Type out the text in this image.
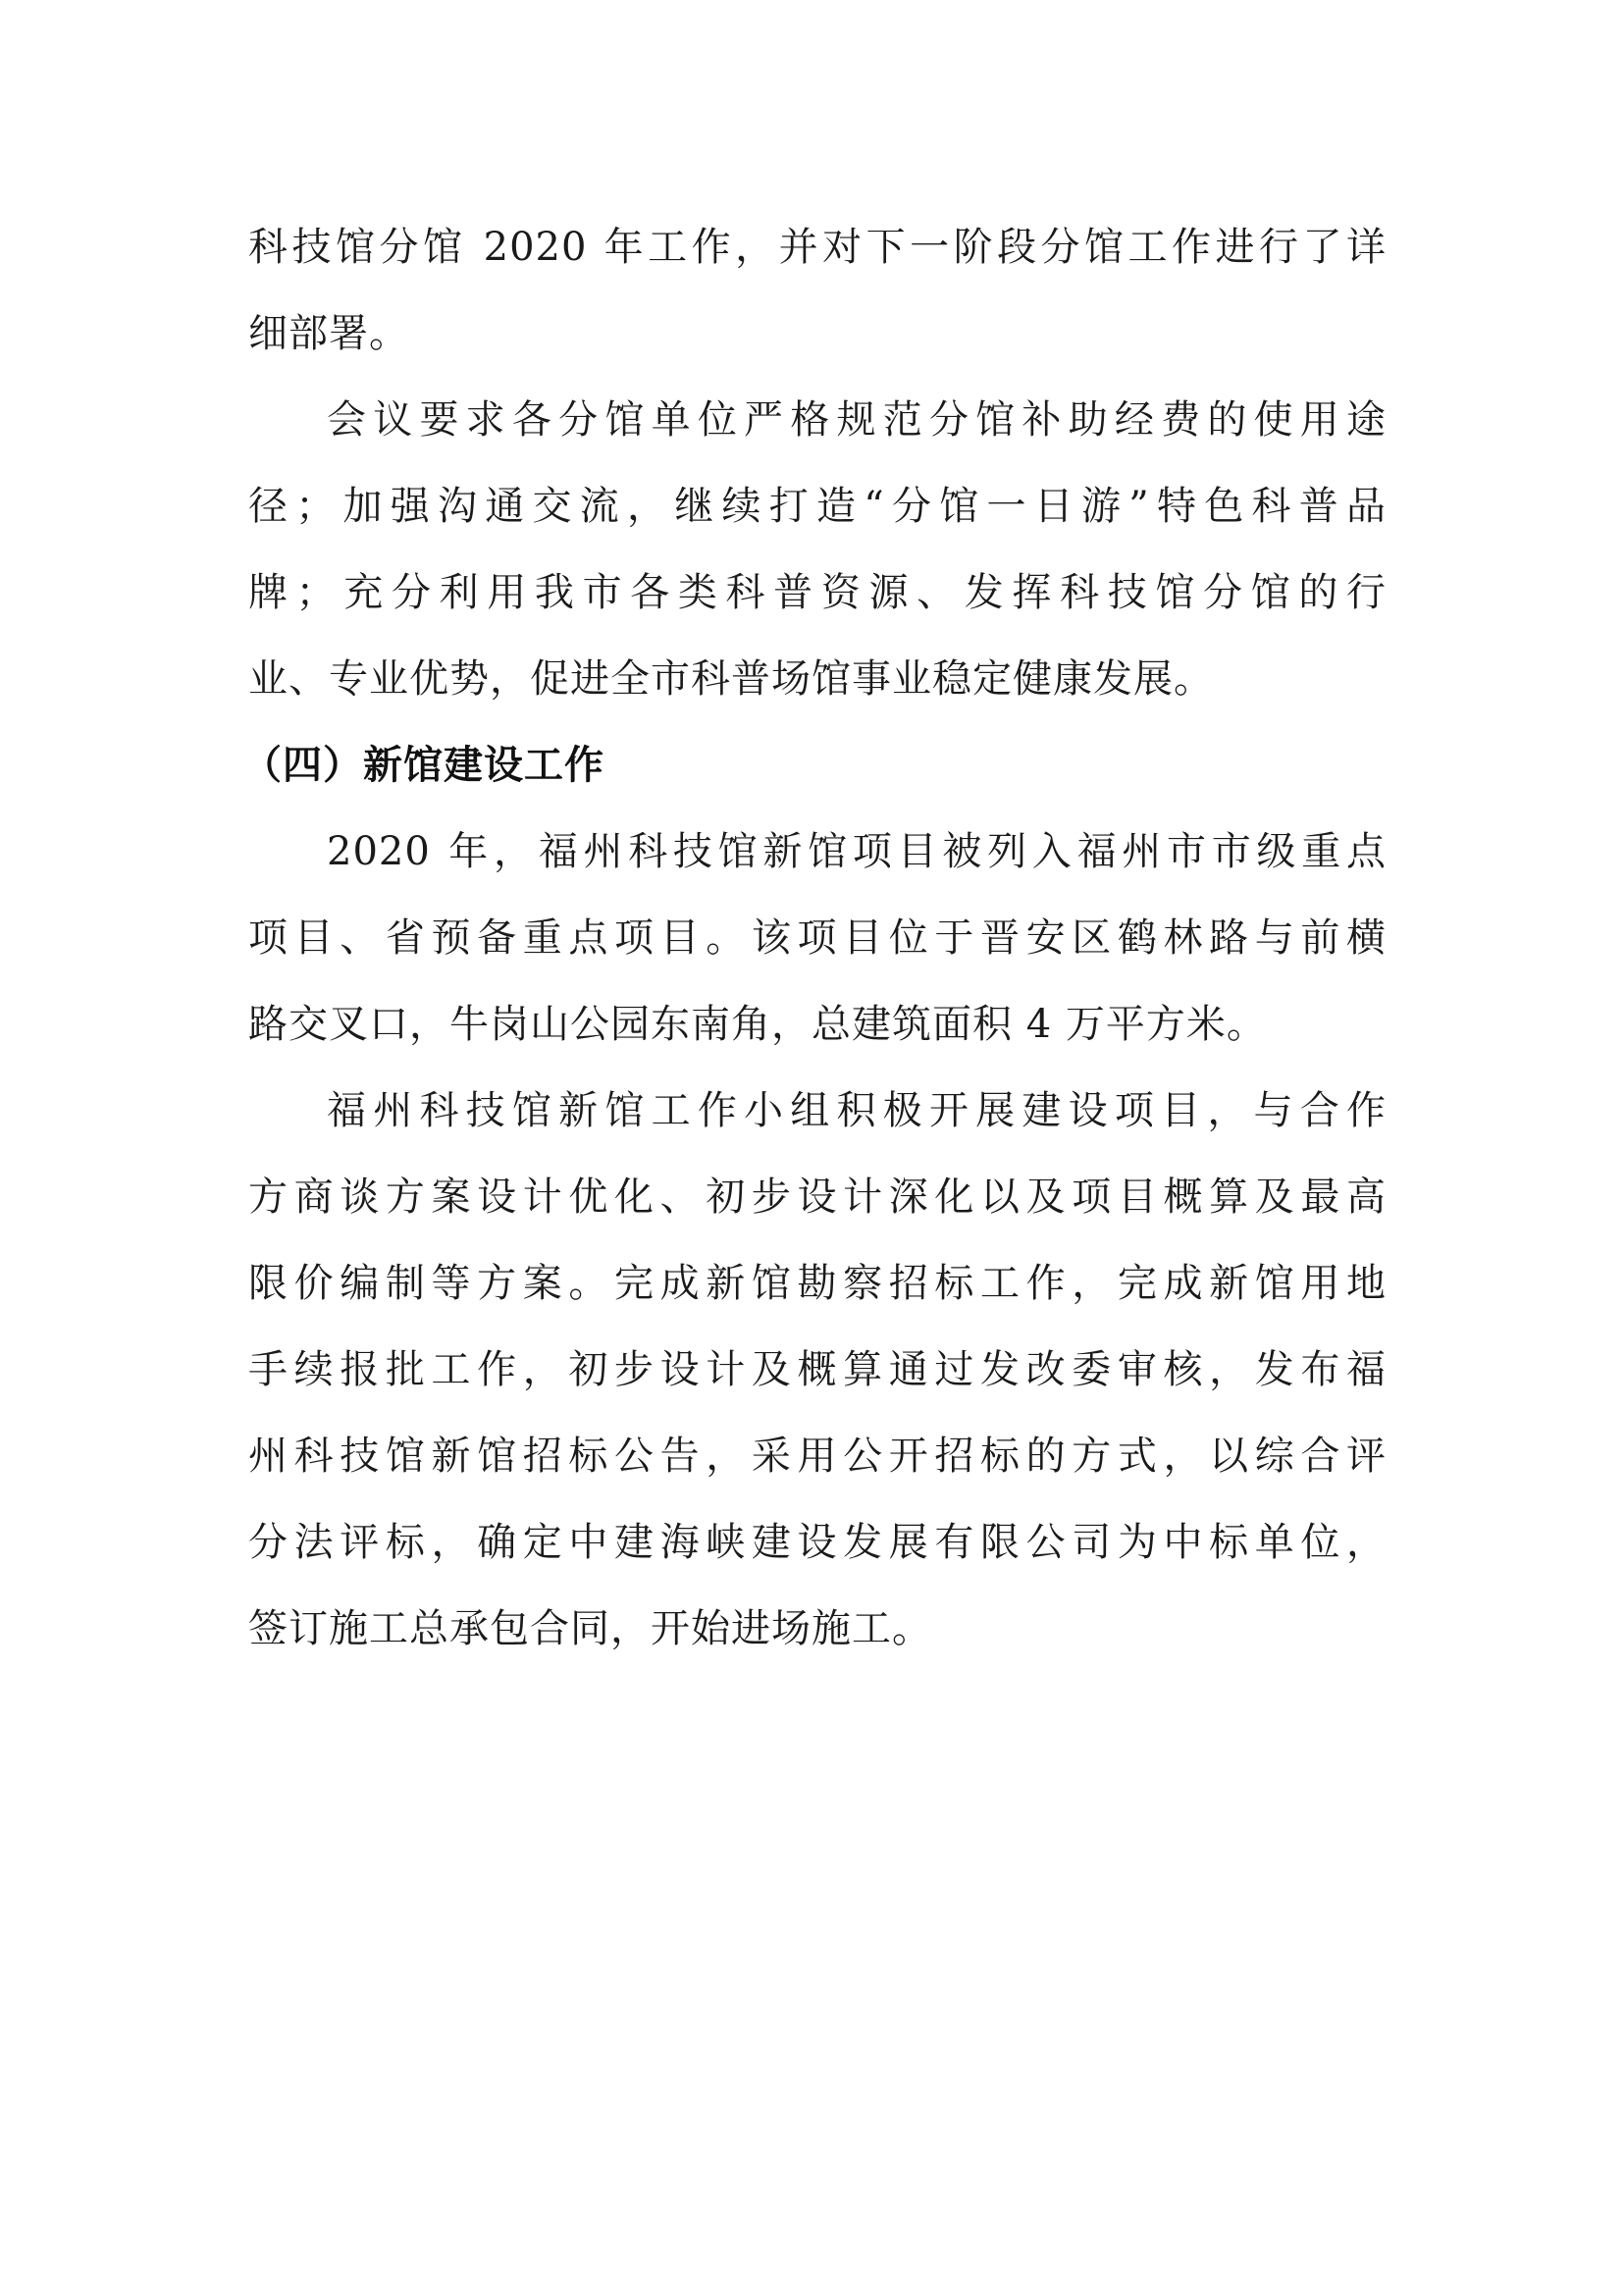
科技馆分馆 2020 年工作，并对下一阶段分馆工作进行了详
细部署。
会议要求各分馆单位严格规范分馆补助经费的使用途
径；加强沟通交流，继续打造“分馆一日游”特色科普品
牌；充分利用我市各类科普资源、发挥科技馆分馆的行
业、专业优势，促进全市科普场馆事业稳定健康发展。
（四）新馆建设工作
2020 年，福州科技馆新馆项目被列入福州市市级重点
项目、省预备重点项目。该项目位于晋安区鹤林路与前横
路交叉口，牛岗山公园东南角，总建筑面积 4 万平方米。
福州科技馆新馆工作小组积极开展建设项目，与合作
方商谈方案设计优化、初步设计深化以及项目概算及最高
限价编制等方案。完成新馆勘察招标工作，完成新馆用地
手续报批工作，初步设计及概算通过发改委审核，发布福
州科技馆新馆招标公告，采用公开招标的方式，以综合评
分法评标，确定中建海峡建设发展有限公司为中标单位，
签订施工总承包合同，开始进场施工。
